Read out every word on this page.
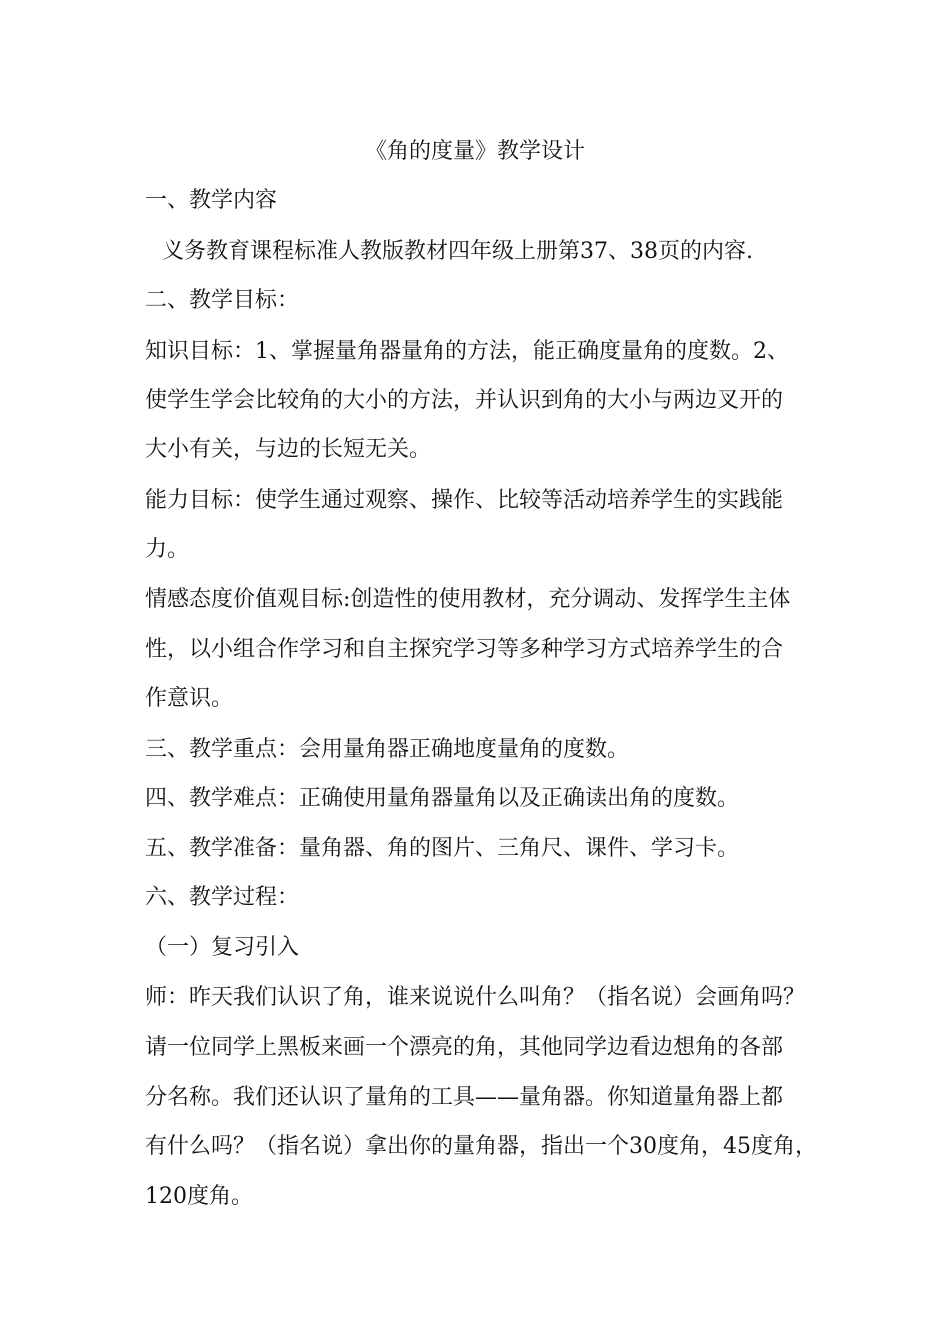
《角的度量》教学设计
一、教学内容
义务教育课程标准人教版教材四年级上册第37、38页的内容.
二、教学目标：
知识目标：1、掌握量角器量角的方法，能正确度量角的度数。2、
使学生学会比较角的大小的方法，并认识到角的大小与两边叉开的
大小有关，与边的长短无关。
能力目标：使学生通过观察、操作、比较等活动培养学生的实践能
力。
情感态度价值观目标:创造性的使用教材，充分调动、发挥学生主体
性，以小组合作学习和自主探究学习等多种学习方式培养学生的合
作意识。
三、教学重点：会用量角器正确地度量角的度数。
四、教学难点：正确使用量角器量角以及正确读出角的度数。
五、教学准备：量角器、角的图片、三角尺、课件、学习卡。
六、教学过程：
（一）复习引入
师：昨天我们认识了角，谁来说说什么叫角？（指名说）会画角吗？
请一位同学上黑板来画一个漂亮的角，其他同学边看边想角的各部
分名称。我们还认识了量角的工具——量角器。你知道量角器上都
有什么吗？（指名说）拿出你的量角器，指出一个30度角，45度角，
120度角。
